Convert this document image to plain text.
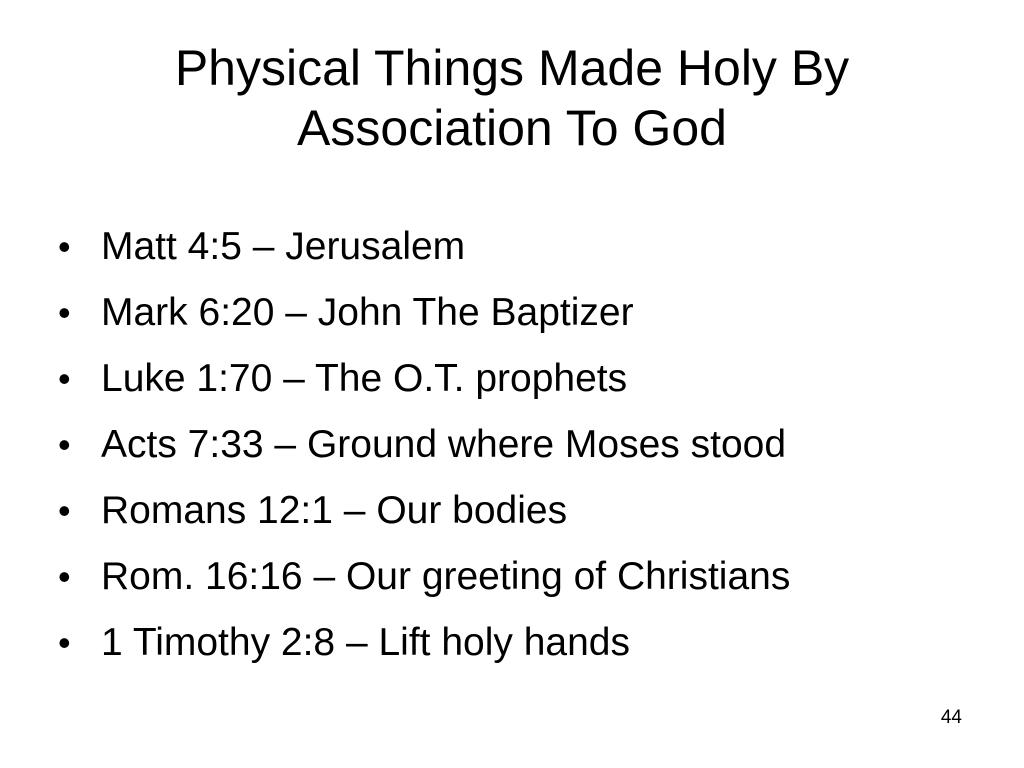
Physical Things Made Holy By
Association To God
• Matt 4:5 – Jerusalem
• Mark 6:20 – John The Baptizer
• Luke 1:70 – The O.T. prophets
• Acts 7:33 – Ground where Moses stood
• Romans 12:1 – Our bodies
• Rom. 16:16 – Our greeting of Christians
• 1 Timothy 2:8 – Lift holy hands
44
